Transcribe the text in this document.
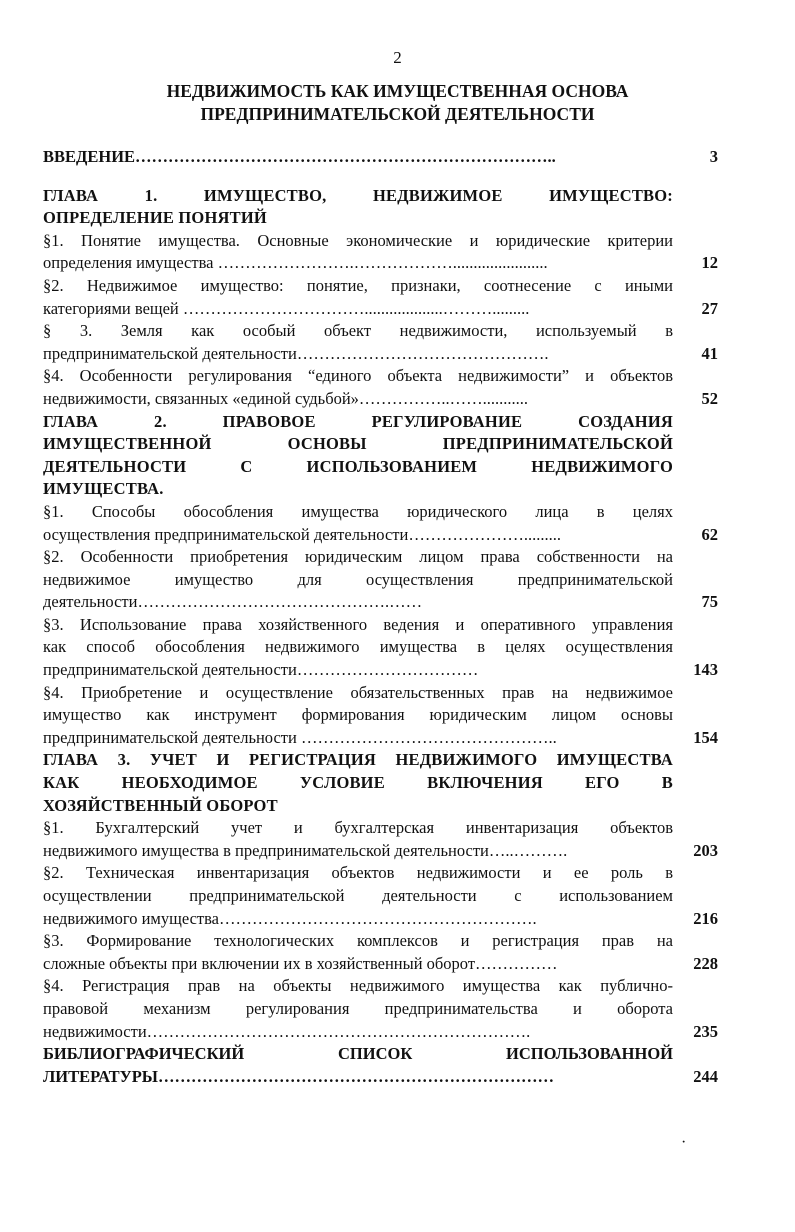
2
НЕДВИЖИМОСТЬ КАК ИМУЩЕСТВЕННАЯ ОСНОВА
ПРЕДПРИНИМАТЕЛЬСКОЙ ДЕЯТЕЛЬНОСТИ
ВВЕДЕНИЕ…………………………………………………………………..	3
ГЛАВА 1. ИМУЩЕСТВО, НЕДВИЖИМОЕ ИМУЩЕСТВО:
ОПРЕДЕЛЕНИЕ ПОНЯТИЙ
§1. Понятие имущества. Основные экономические и юридические критерии
определения имущества …………………….……………….......................	12
§2. Недвижимое имущество: понятие, признаки, соотнесение с иными
категориями вещей ……………………………...................……….........	27
§ 3. Земля как особый объект недвижимости, используемый в
предпринимательской деятельности……………………………………….	41
§4. Особенности регулирования “единого объекта недвижимости” и объектов
недвижимости, связанных «единой судьбой»……………..……...........	52
ГЛАВА 2. ПРАВОВОЕ РЕГУЛИРОВАНИЕ СОЗДАНИЯ
ИМУЩЕСТВЕННОЙ ОСНОВЫ ПРЕДПРИНИМАТЕЛЬСКОЙ
ДЕЯТЕЛЬНОСТИ С ИСПОЛЬЗОВАНИЕМ НЕДВИЖИМОГО
ИМУЩЕСТВА.
§1. Способы обособления имущества юридического лица в целях
осуществления предпринимательской деятельности………………….........	62
§2. Особенности приобретения юридическим лицом права собственности на
недвижимое имущество для осуществления предпринимательской
деятельности……………………………………….……	75
§3. Использование права хозяйственного ведения и оперативного управления
как способ обособления недвижимого имущества в целях осуществления
предпринимательской деятельности……………………………	143
§4. Приобретение и осуществление обязательственных прав на недвижимое
имущество как инструмент формирования юридическим лицом основы
предпринимательской деятельности ………………………………………..	154
ГЛАВА 3. УЧЕТ И РЕГИСТРАЦИЯ НЕДВИЖИМОГО ИМУЩЕСТВА
КАК НЕОБХОДИМОЕ УСЛОВИЕ ВКЛЮЧЕНИЯ ЕГО В
ХОЗЯЙСТВЕННЫЙ ОБОРОТ
§1. Бухгалтерский учет и бухгалтерская инвентаризация объектов
недвижимого имущества в предпринимательской деятельности…..……….	203
§2. Техническая инвентаризация объектов недвижимости и ее роль в
осуществлении предпринимательской деятельности с использованием
недвижимого имущества………………………………………………….	216
§3. Формирование технологических комплексов и регистрация прав на
сложные объекты при включении их в хозяйственный оборот……………	228
§4. Регистрация прав на объекты недвижимого имущества как публично-
правовой механизм регулирования предпринимательства и оборота
недвижимости…………………………………………………………….	235
БИБЛИОГРАФИЧЕСКИЙ СПИСОК ИСПОЛЬЗОВАННОЙ
ЛИТЕРАТУРЫ………………………………………………………………	244
·
